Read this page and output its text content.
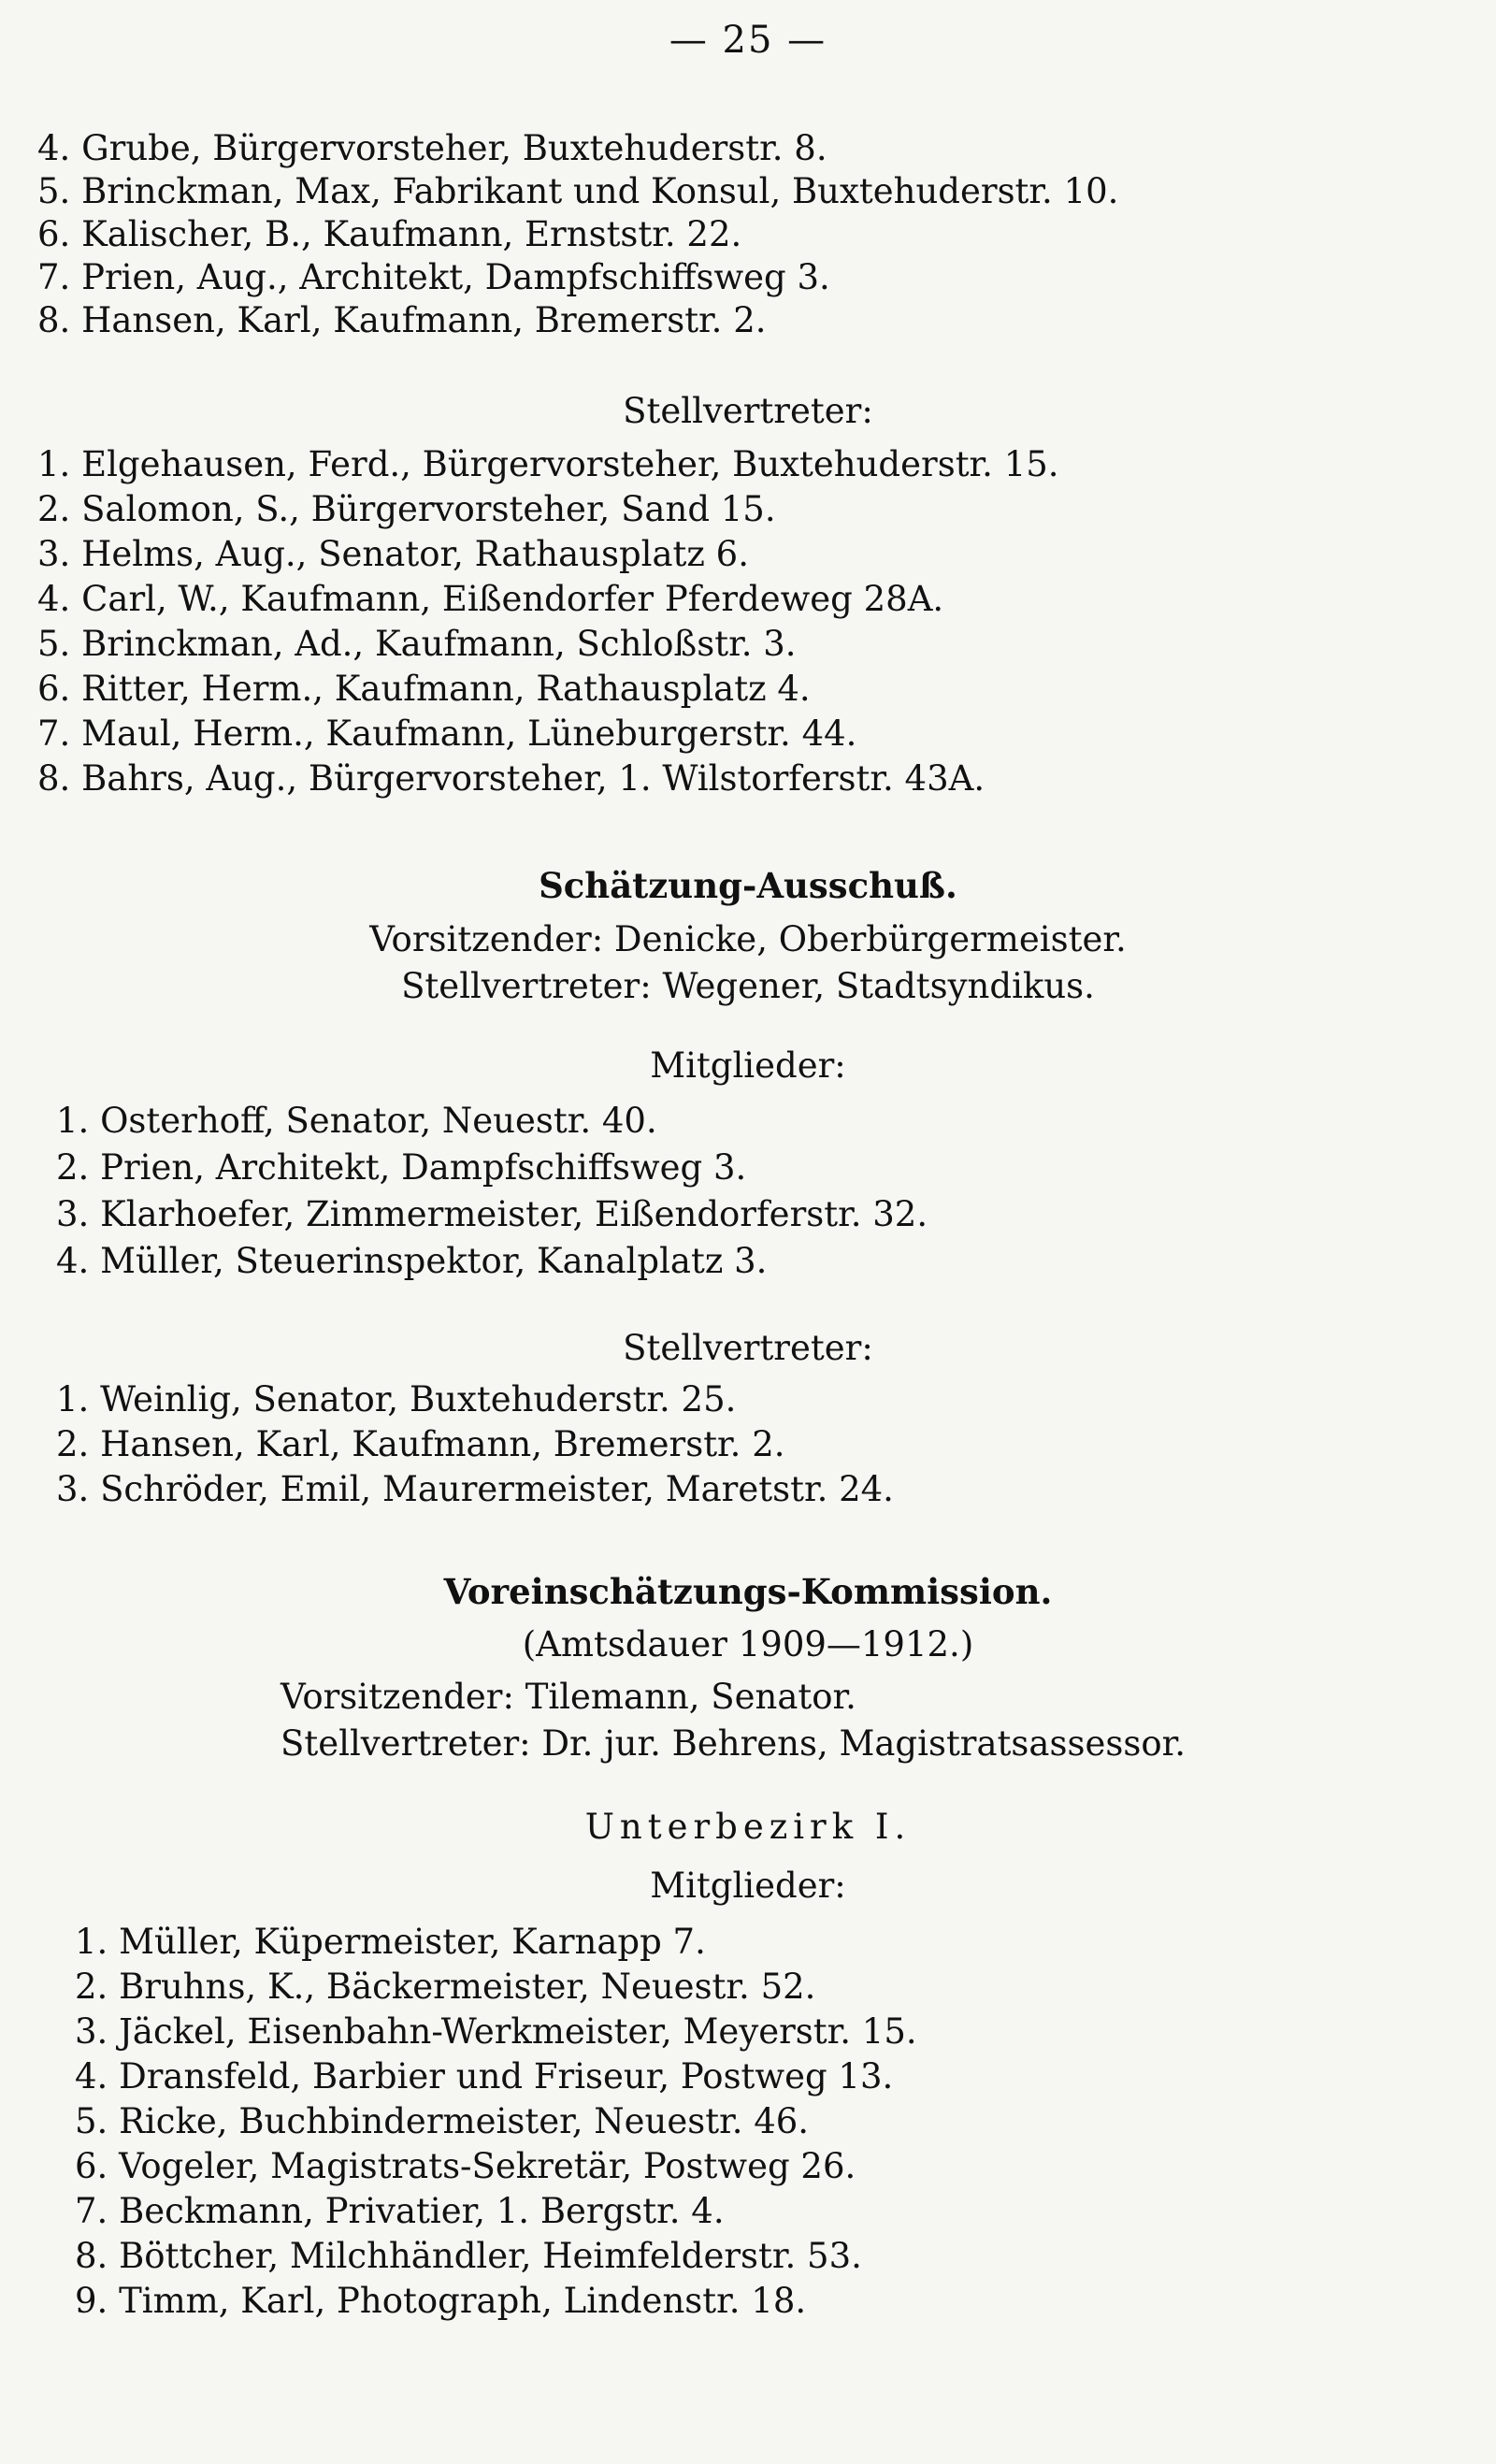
— 25 —
4. Grube, Bürgervorsteher, Buxtehuderstr. 8.
5. Brinckman, Max, Fabrikant und Konsul, Buxtehuderstr. 10.
6. Kalischer, B., Kaufmann, Ernststr. 22.
7. Prien, Aug., Architekt, Dampfschiffsweg 3.
8. Hansen, Karl, Kaufmann, Bremerstr. 2.
Stellvertreter:
1. Elgehausen, Ferd., Bürgervorsteher, Buxtehuderstr. 15.
2. Salomon, S., Bürgervorsteher, Sand 15.
3. Helms, Aug., Senator, Rathausplatz 6.
4. Carl, W., Kaufmann, Eißendorfer Pferdeweg 28A.
5. Brinckman, Ad., Kaufmann, Schloßstr. 3.
6. Ritter, Herm., Kaufmann, Rathausplatz 4.
7. Maul, Herm., Kaufmann, Lüneburgerstr. 44.
8. Bahrs, Aug., Bürgervorsteher, 1. Wilstorferstr. 43A.
Schätzung-Ausschuß.
Vorsitzender: Denicke, Oberbürgermeister.
Stellvertreter: Wegener, Stadtsyndikus.
Mitglieder:
1. Osterhoff, Senator, Neuestr. 40.
2. Prien, Architekt, Dampfschiffsweg 3.
3. Klarhoefer, Zimmermeister, Eißendorferstr. 32.
4. Müller, Steuerinspektor, Kanalplatz 3.
Stellvertreter:
1. Weinlig, Senator, Buxtehuderstr. 25.
2. Hansen, Karl, Kaufmann, Bremerstr. 2.
3. Schröder, Emil, Maurermeister, Maretstr. 24.
Voreinschätzungs-Kommission.
(Amtsdauer 1909—1912.)
Vorsitzender: Tilemann, Senator.
Stellvertreter: Dr. jur. Behrens, Magistratsassessor.
Unterbezirk I.
Mitglieder:
1. Müller, Küpermeister, Karnapp 7.
2. Bruhns, K., Bäckermeister, Neuestr. 52.
3. Jäckel, Eisenbahn-Werkmeister, Meyerstr. 15.
4. Dransfeld, Barbier und Friseur, Postweg 13.
5. Ricke, Buchbindermeister, Neuestr. 46.
6. Vogeler, Magistrats-Sekretär, Postweg 26.
7. Beckmann, Privatier, 1. Bergstr. 4.
8. Böttcher, Milchhändler, Heimfelderstr. 53.
9. Timm, Karl, Photograph, Lindenstr. 18.
